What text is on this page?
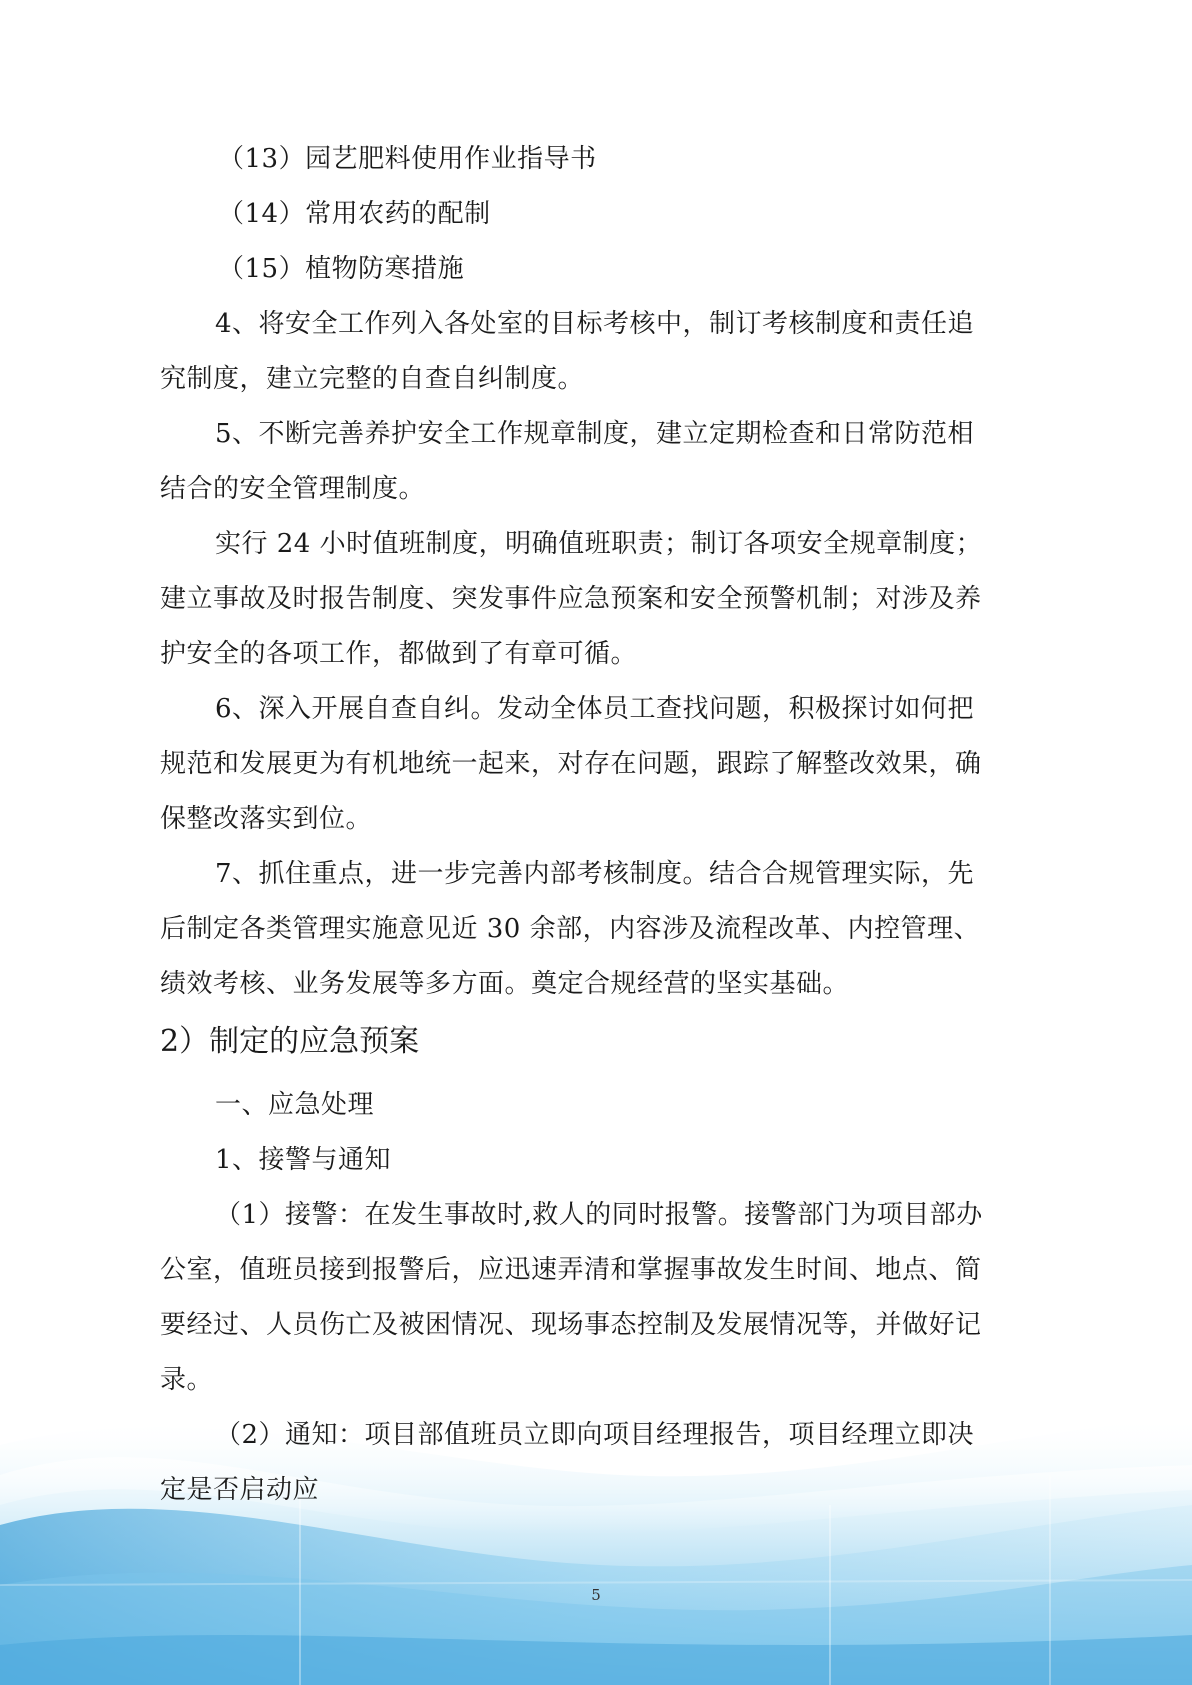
（13）园艺肥料使用作业指导书
（14）常用农药的配制
（15）植物防寒措施
4、将安全工作列入各处室的目标考核中，制订考核制度和责任追
究制度，建立完整的自查自纠制度。
5、不断完善养护安全工作规章制度，建立定期检查和日常防范相
结合的安全管理制度。
实行 24 小时值班制度，明确值班职责；制订各项安全规章制度；
建立事故及时报告制度、突发事件应急预案和安全预警机制；对涉及养
护安全的各项工作，都做到了有章可循。
6、深入开展自查自纠。发动全体员工查找问题，积极探讨如何把
规范和发展更为有机地统一起来，对存在问题，跟踪了解整改效果，确
保整改落实到位。
7、抓住重点，进一步完善内部考核制度。结合合规管理实际，先
后制定各类管理实施意见近 30 余部，内容涉及流程改革、内控管理、
绩效考核、业务发展等多方面。奠定合规经营的坚实基础。
2）制定的应急预案
一、应急处理
1、接警与通知
（1）接警：在发生事故时,救人的同时报警。接警部门为项目部办
公室，值班员接到报警后，应迅速弄清和掌握事故发生时间、地点、简
要经过、人员伤亡及被困情况、现场事态控制及发展情况等，并做好记
录。
（2）通知：项目部值班员立即向项目经理报告，项目经理立即决
定是否启动应
5
